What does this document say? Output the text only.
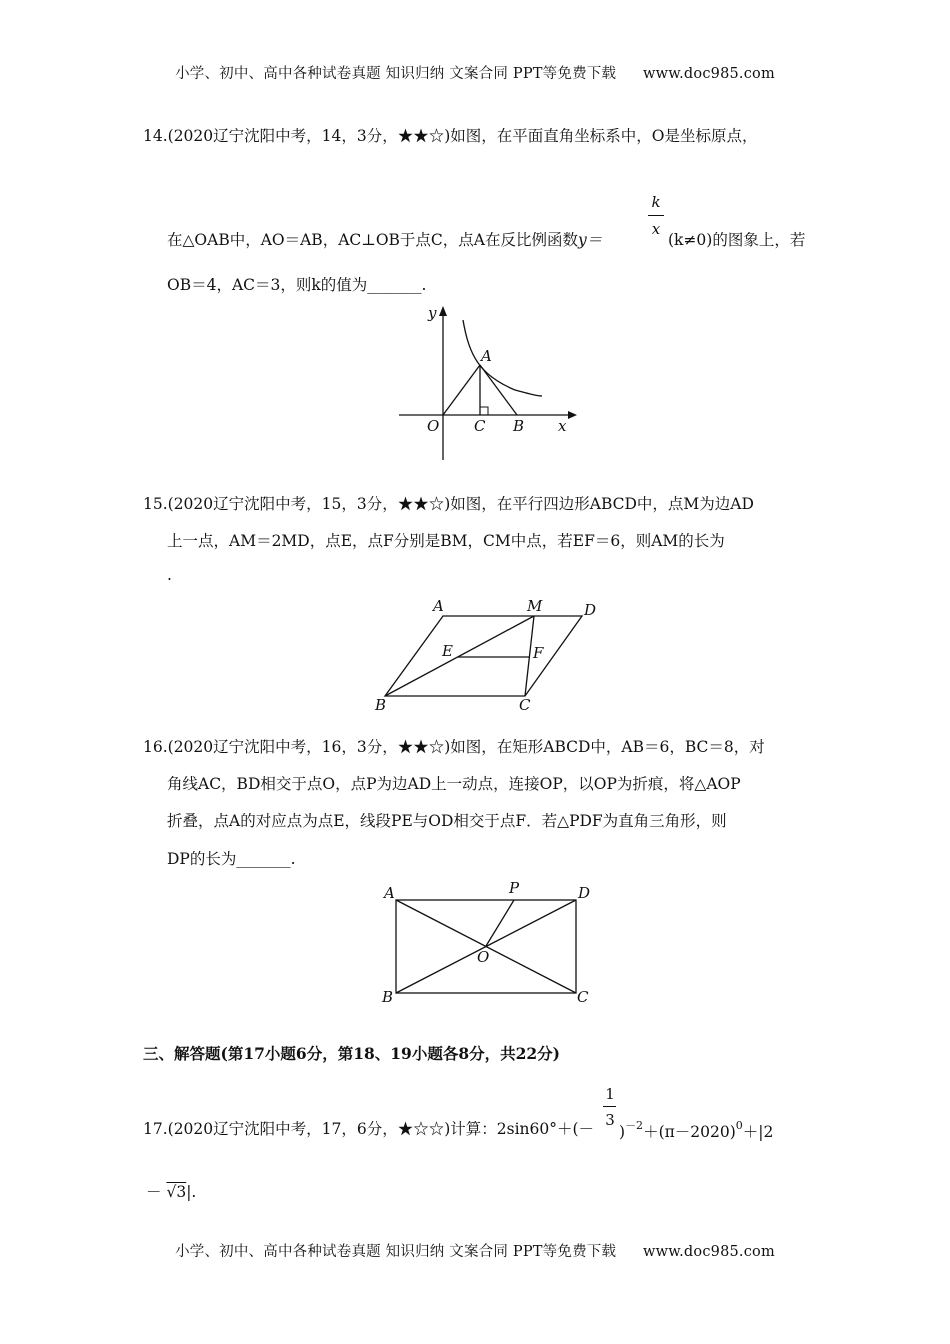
小学、初中、高中各种试卷真题 知识归纳 文案合同 PPT等免费下载 www.doc985.com
14.(2020辽宁沈阳中考，14，3分，★★☆)如图，在平面直角坐标系中，O是坐标原点，
k
x
在△OAB中，AO＝AB，AC⊥OB于点C，点A在反比例函数y＝	(k≠0)的图象上，若
OB＝4，AC＝3，则k的值为_______.
y
x
A
O C B
15.(2020辽宁沈阳中考，15，3分，★★☆)如图，在平行四边形ABCD中，点M为边AD
上一点，AM＝2MD，点E，点F分别是BM，CM中点，若EF＝6，则AM的长为
.
A	M	D
E	F
B	C
16.(2020辽宁沈阳中考，16，3分，★★☆)如图，在矩形ABCD中，AB＝6，BC＝8，对
角线AC，BD相交于点O，点P为边AD上一动点，连接OP，以OP为折痕，将△AOP
折叠，点A的对应点为点E，线段PE与OD相交于点F．若△PDF为直角三角形，则
DP的长为_______.
A	P	D
O
B	C
三、解答题(第17小题6分，第18、19小题各8分，共22分)
1
3
17.(2020辽宁沈阳中考，17，6分，★☆☆)计算：$2\sin 60^\circ+(- )^{-2}+(\pi-2020)^0+|2$
－ √3|.
小学、初中、高中各种试卷真题 知识归纳 文案合同 PPT等免费下载 www.doc985.com
